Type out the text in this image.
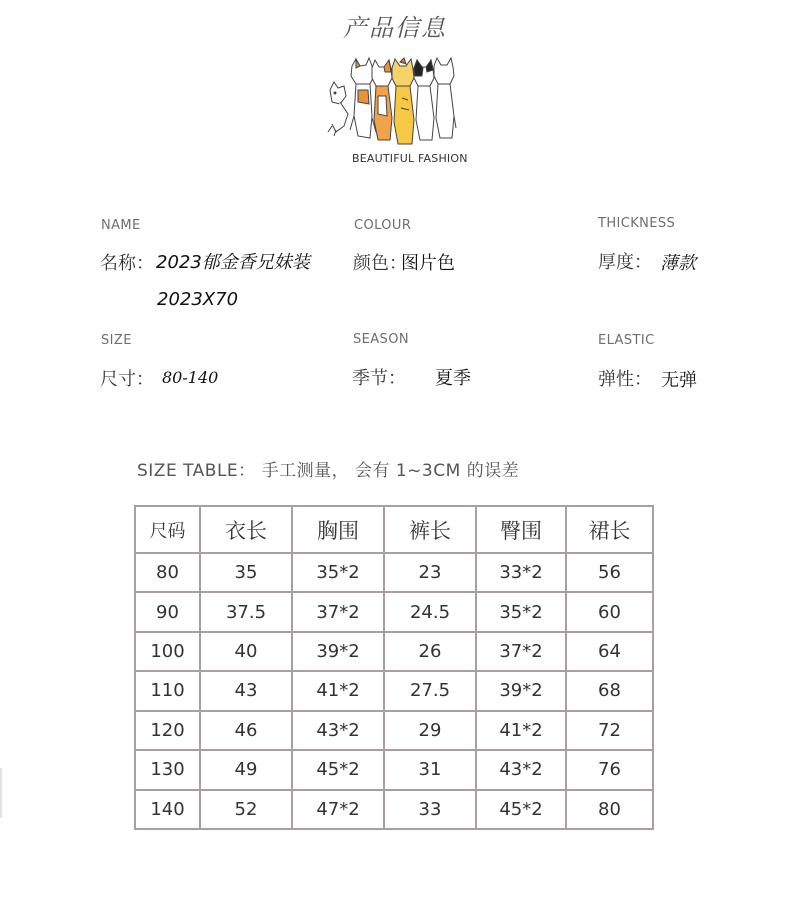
产品信息
BEAUTIFUL FASHION
NAME	COLOUR	THICKNESS
名称： 2023郁金香兄妹装
2023X70
颜色：
图片色	厚度： 薄款
SIZE	SEASON	ELASTIC
尺寸： 80-140	季节： 夏季	弹性： 无弹
SIZE TABLE： 手工测量， 会有 1~3CM 的误差
尺码	衣长	胸围	裤长	臀围	裙长
80	35	35*2	23	33*2	56
90	37.5	37*2	24.5	35*2	60
100	40	39*2	26	37*2	64
110	43	41*2	27.5	39*2	68
120	46	43*2	29	41*2	72
130	49	45*2	31	43*2	76
140	52	47*2	33	45*2	80
